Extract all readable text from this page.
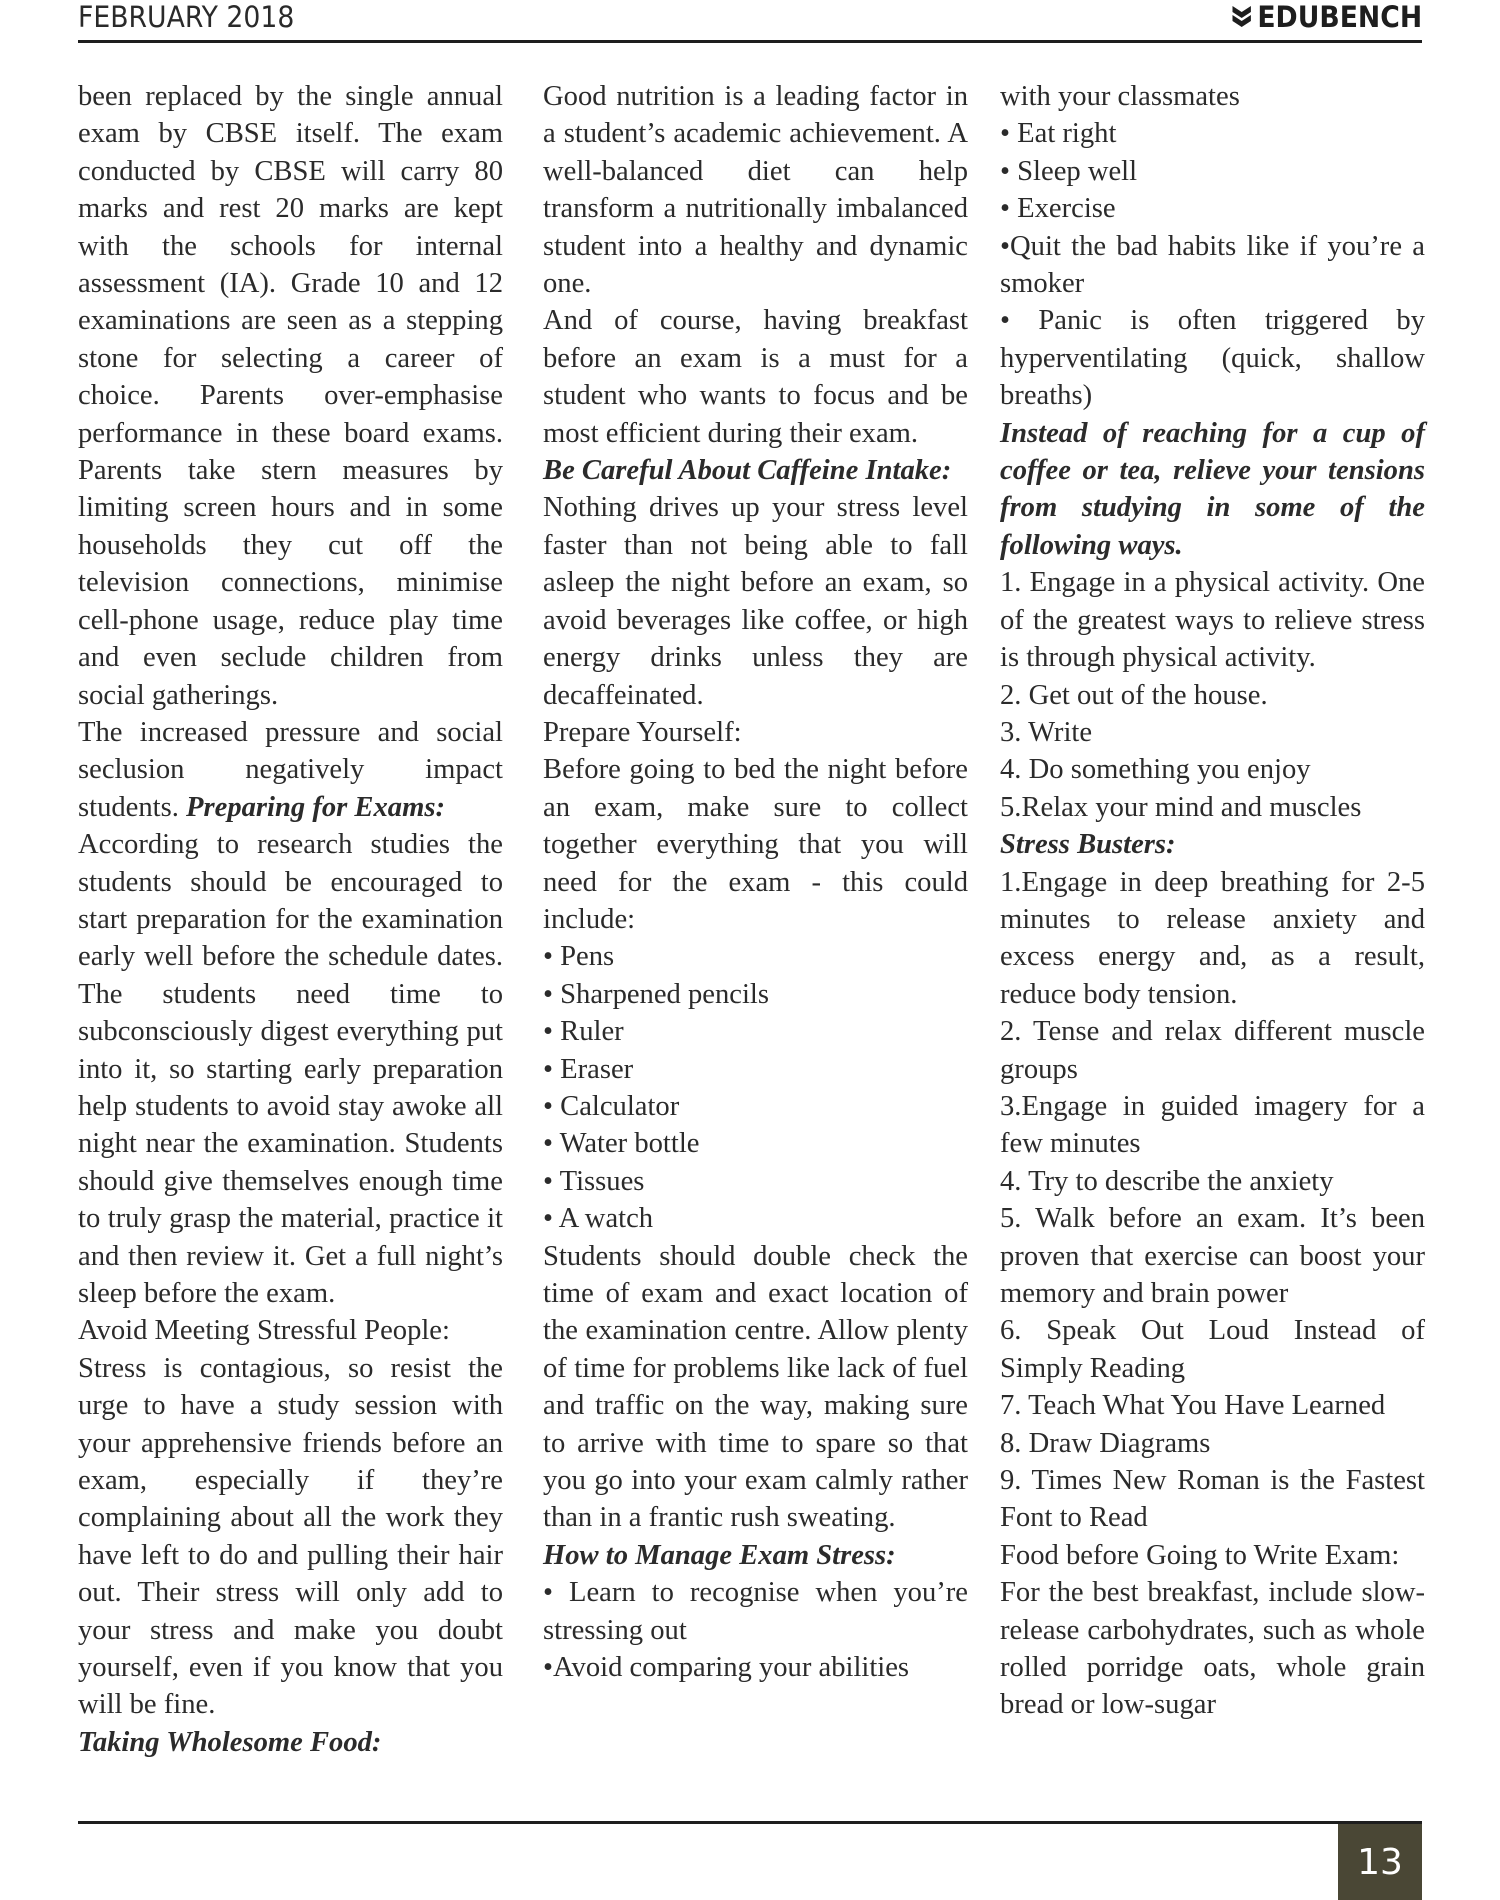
FEBRUARY 2018	EDUBENCH

been replaced by the single annual exam by CBSE itself. The exam conducted by CBSE will carry 80 marks and rest 20 marks are kept with the schools for internal assessment (IA). Grade 10 and 12 examinations are seen as a stepping stone for selecting a career of choice. Parents over-emphasise performance in these board exams. Parents take stern measures by limiting screen hours and in some households they cut off the television connections, minimise cell-phone usage, reduce play time and even seclude children from social gatherings.

The increased pressure and social seclusion negatively impact students. Preparing for Exams:

According to research studies the students should be encouraged to start preparation for the examination early well before the schedule dates. The students need time to subconsciously digest everything put into it, so starting early preparation help students to avoid stay awoke all night near the examination. Students should give themselves enough time to truly grasp the material, practice it and then review it. Get a full night’s sleep before the exam.

Avoid Meeting Stressful People:

Stress is contagious, so resist the urge to have a study session with your apprehensive friends before an exam, especially if they’re complaining about all the work they have left to do and pulling their hair out. Their stress will only add to your stress and make you doubt yourself, even if you know that you will be fine.

Taking Wholesome Food:

Good nutrition is a leading factor in a student’s academic achievement. A well-balanced diet can help transform a nutritionally imbalanced student into a healthy and dynamic one.

And of course, having breakfast before an exam is a must for a student who wants to focus and be most efficient during their exam.

Be Careful About Caffeine Intake:

Nothing drives up your stress level faster than not being able to fall asleep the night before an exam, so avoid beverages like coffee, or high energy drinks unless they are decaffeinated.

Prepare Yourself:

Before going to bed the night before an exam, make sure to collect together everything that you will need for the exam - this could include:

• Pens

• Sharpened pencils

• Ruler

• Eraser

• Calculator

• Water bottle

• Tissues

• A watch

Students should double check the time of exam and exact location of the examination centre. Allow plenty of time for problems like lack of fuel and traffic on the way, making sure to arrive with time to spare so that you go into your exam calmly rather than in a frantic rush sweating.

How to Manage Exam Stress:

• Learn to recognise when you’re stressing out

•Avoid comparing your abilities

with your classmates

• Eat right

• Sleep well

• Exercise

•Quit the bad habits like if you’re a smoker

• Panic is often triggered by hyperventilating (quick, shallow breaths)

Instead of reaching for a cup of coffee or tea, relieve your tensions from studying in some of the following ways.

1. Engage in a physical activity. One of the greatest ways to relieve stress is through physical activity.

2. Get out of the house.

3. Write

4. Do something you enjoy

5.Relax your mind and muscles

Stress Busters:

1.Engage in deep breathing for 2-5 minutes to release anxiety and excess energy and, as a result, reduce body tension.

2. Tense and relax different muscle groups

3.Engage in guided imagery for a few minutes

4. Try to describe the anxiety

5. Walk before an exam. It’s been proven that exercise can boost your memory and brain power

6. Speak Out Loud Instead of Simply Reading

7. Teach What You Have Learned

8. Draw Diagrams

9. Times New Roman is the Fastest Font to Read

Food before Going to Write Exam:

For the best breakfast, include slow-release carbohydrates, such as whole rolled porridge oats, whole grain bread or low-sugar

13
